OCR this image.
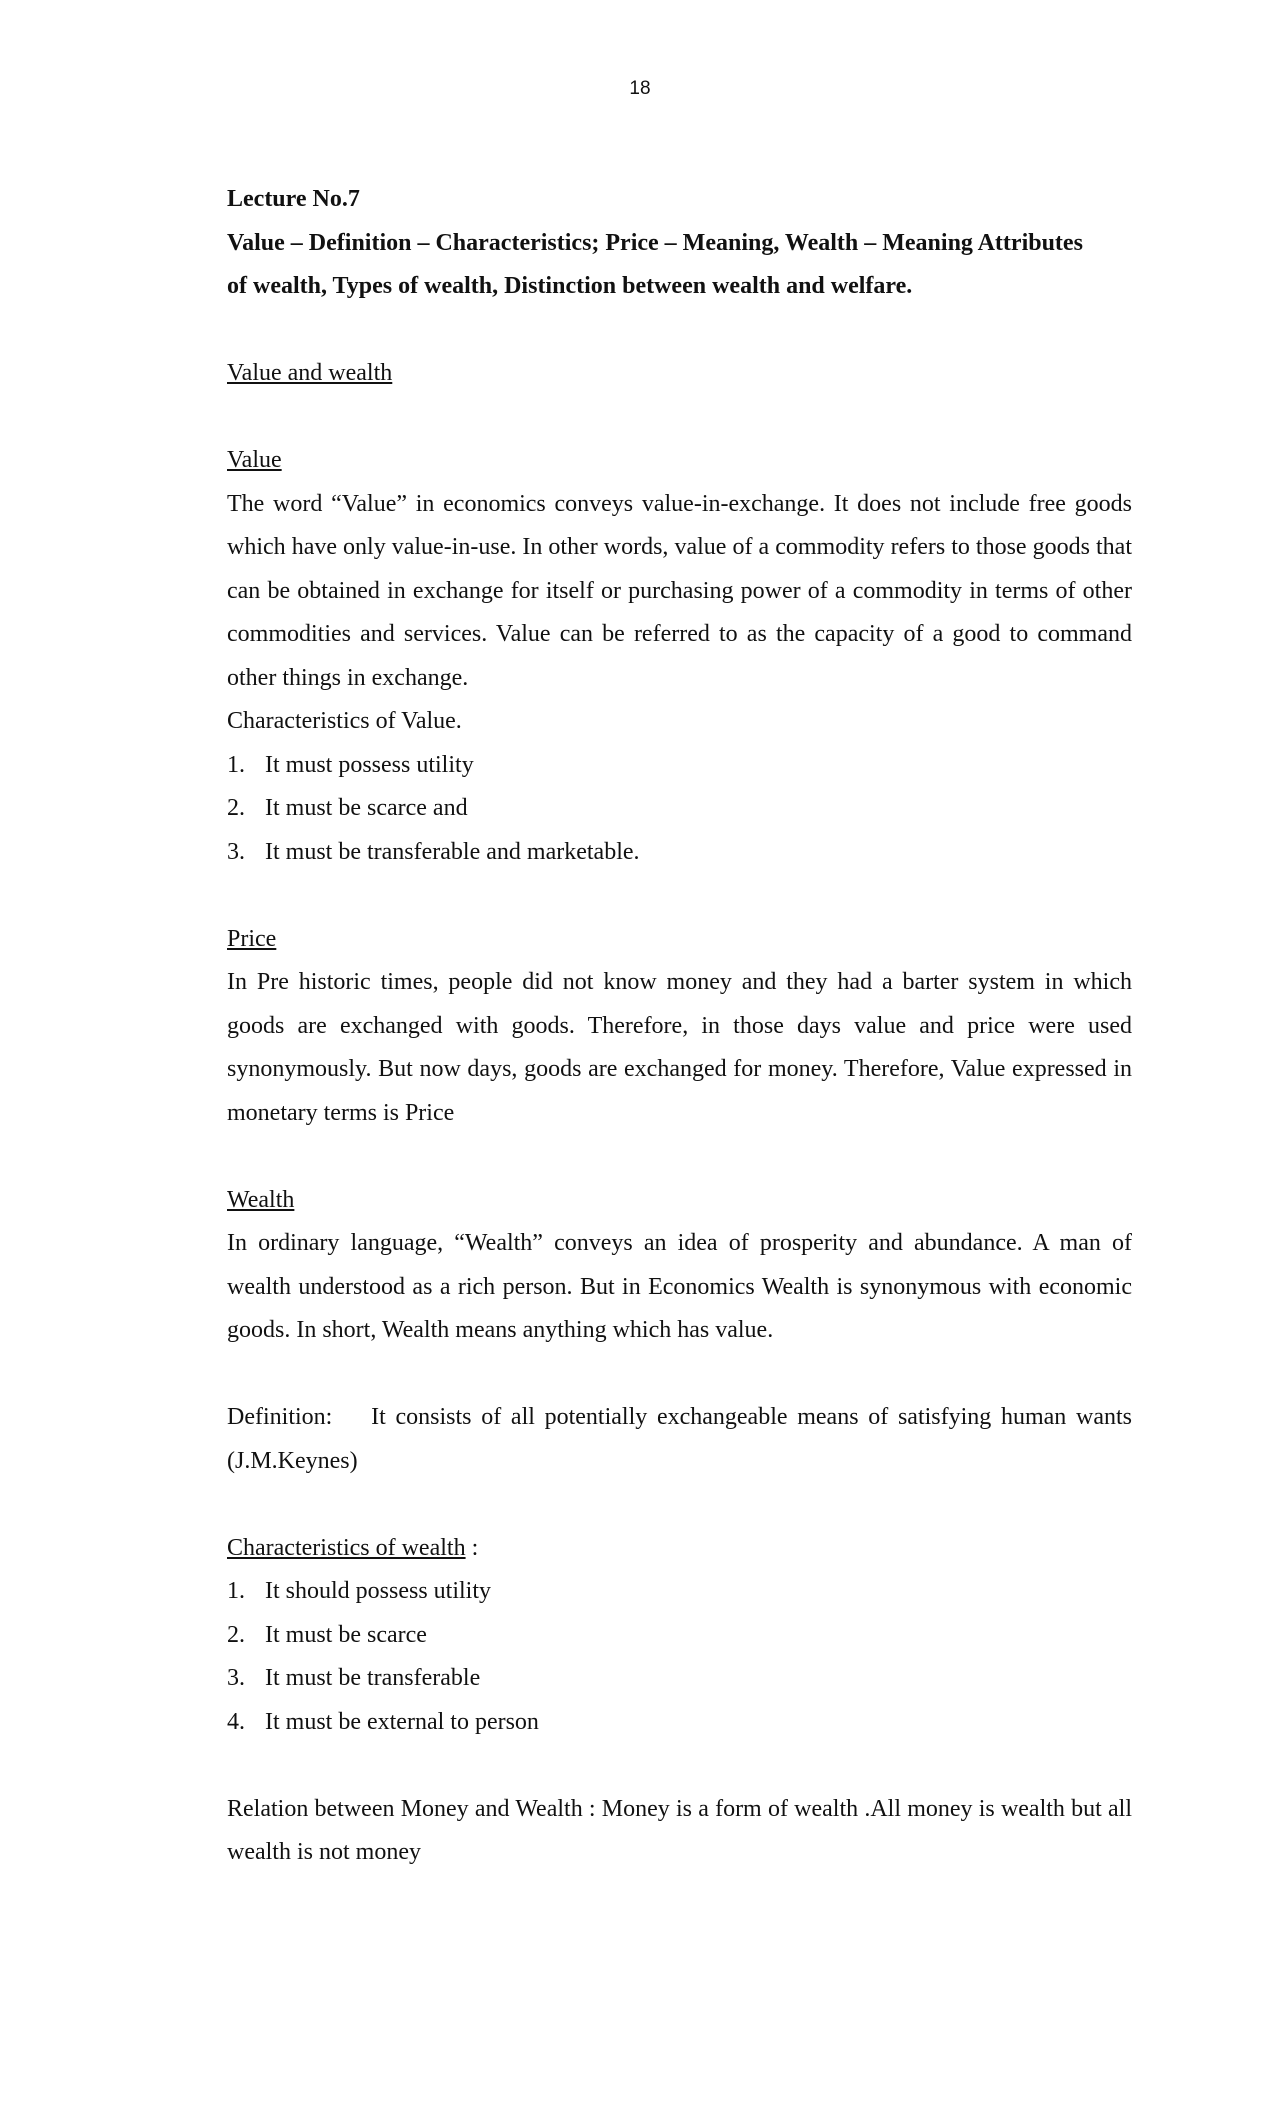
18

Lecture No.7

Value – Definition – Characteristics; Price – Meaning, Wealth – Meaning Attributes

of wealth, Types of wealth, Distinction between wealth and welfare.

Value and wealth

Value

The word “Value” in economics conveys value-in-exchange. It does not include free goods which have only value-in-use. In other words, value of a commodity refers to those goods that can be obtained in exchange for itself or purchasing power of a commodity in terms of other commodities and services. Value can be referred to as the capacity of a good to command other things in exchange.

Characteristics of Value.

1. It must possess utility
2. It must be scarce and
3. It must be transferable and marketable.

Price

In Pre historic times, people did not know money and they had a barter system in which goods are exchanged with goods. Therefore, in those days value and price were used synonymously. But now days, goods are exchanged for money. Therefore, Value expressed in monetary terms is Price

Wealth

In ordinary language, “Wealth” conveys an idea of prosperity and abundance. A man of wealth understood as a rich person. But in Economics Wealth is synonymous with economic goods. In short, Wealth means anything which has value.

Definition: It consists of all potentially exchangeable means of satisfying human wants (J.M.Keynes)

Characteristics of wealth :

1. It should possess utility
2. It must be scarce
3. It must be transferable
4. It must be external to person

Relation between Money and Wealth : Money is a form of wealth .All money is wealth but all wealth is not money
